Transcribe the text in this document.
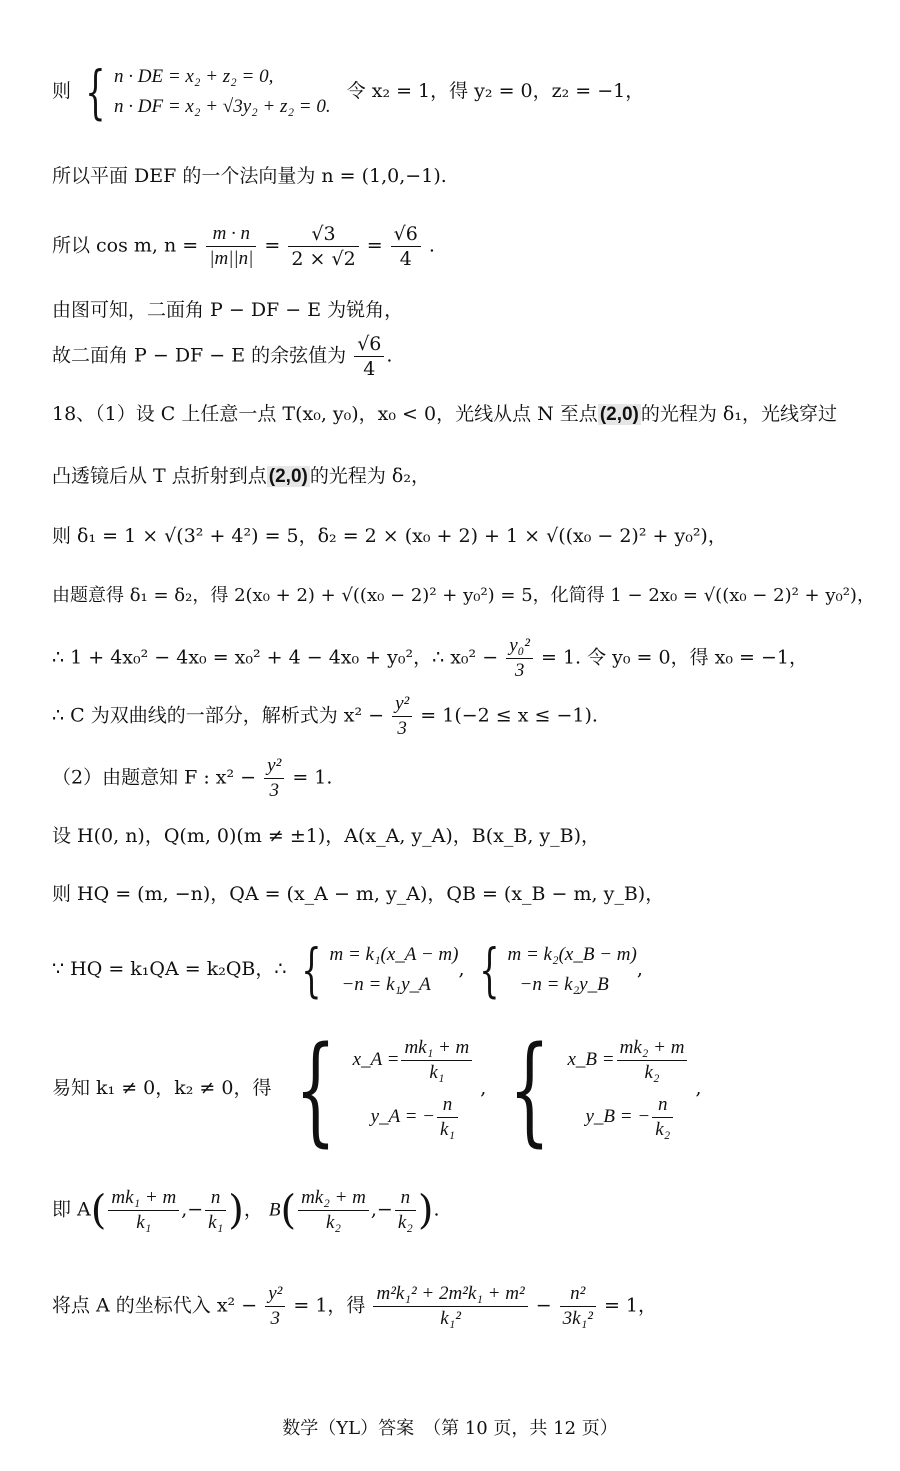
则 { n · DE = x₂ + z₂ = 0,
n · DF = x₂ + √3y₂ + z₂ = 0.
令 x₂ = 1，得 y₂ = 0，z₂ = −1，
所以平面 DEF 的一个法向量为 n = (1,0,−1).
所以 cos m, $n = \frac{m \cdot n}{|m||n|} = \frac{√3}{2 \times √2} = \frac{√6}{4}$ .
由图可知，二面角 P − DF − E 为锐角，
故二面角 P − DF − E 的余弦值为 $\frac{√6}{4}$ .
18、（1）设 C 上任意一点 T(x₀, y₀)，x₀ < 0，光线从点 N 至点 (2,0) 的光程为 δ₁，光线穿过
凸透镜后从 T 点折射到点 (2,0) 的光程为 δ₂，
则 δ₁ = 1 × √(3² + 4²) = 5，δ₂ = 2 × (x₀ + 2) + 1 × √((x₀ − 2)² + y₀²)，
由题意得 δ₁ = δ₂，得 2(x₀ + 2) + √((x₀ − 2)² + y₀²) = 5，化简得 1 − 2x₀ = √((x₀ − 2)² + y₀²)，
∴ 1 + 4x₀² − 4x₀ = x₀² + 4 − 4x₀ + y₀²，∴ $x_0^2 - \frac{\text{y₀²}}{3} = 1$. 令 y₀ = 0，得 x₀ = −1，
∴ C 为双曲线的一部分，解析式为 $x^2 - \frac{\text{y²}}{3} = 1(-2 \le x \le -1)$.
（2）由题意知 F : $x^2 - \frac{\text{y²}}{3} = 1$.
设 H(0, n)，Q(m, 0)(m ≠ ±1)，A(x_A, y_A)，B(x_B, y_B)，
则 HQ = (m, −n)，QA = (x_A − m, y_A)，QB = (x_B − m, y_B)，
∵ HQ = k₁QA = k₂QB，∴ { m = k₁(x_A − m)
−n = k₁y_A
, { m = k₂(x_B − m)
−n = k₂y_B
,
易知 k₁ ≠ 0，k₂ ≠ 0，得 { x_A = $\frac{\text{mk₁ + m}}{\text{k₁}}$
y_A = − $\frac{n}{\text{k₁}}$
, { x_B = $\frac{\text{mk₂ + m}}{\text{k₂}}$
y_B = − $\frac{n}{\text{k₂}}$
,
即 $A( \frac{\text{mk₁ + m}}{\text{k₁}}$ ,− $\frac{n}{\text{k₁}}$ )， $B( \frac{\text{mk₂ + m}}{\text{k₂}}$ ,− $\frac{n}{\text{k₂}}$ ).
将点 A 的坐标代入 $x^2 - \frac{\text{y²}}{3} = 1$，得 $\frac{\text{m²k₁² + 2m²k₁ + m²}}{\text{k₁²}} - \frac{\text{n²}}{\text{3k₁²}} = 1$，
数学（YL）答案　（第 10 页，共 12 页）
